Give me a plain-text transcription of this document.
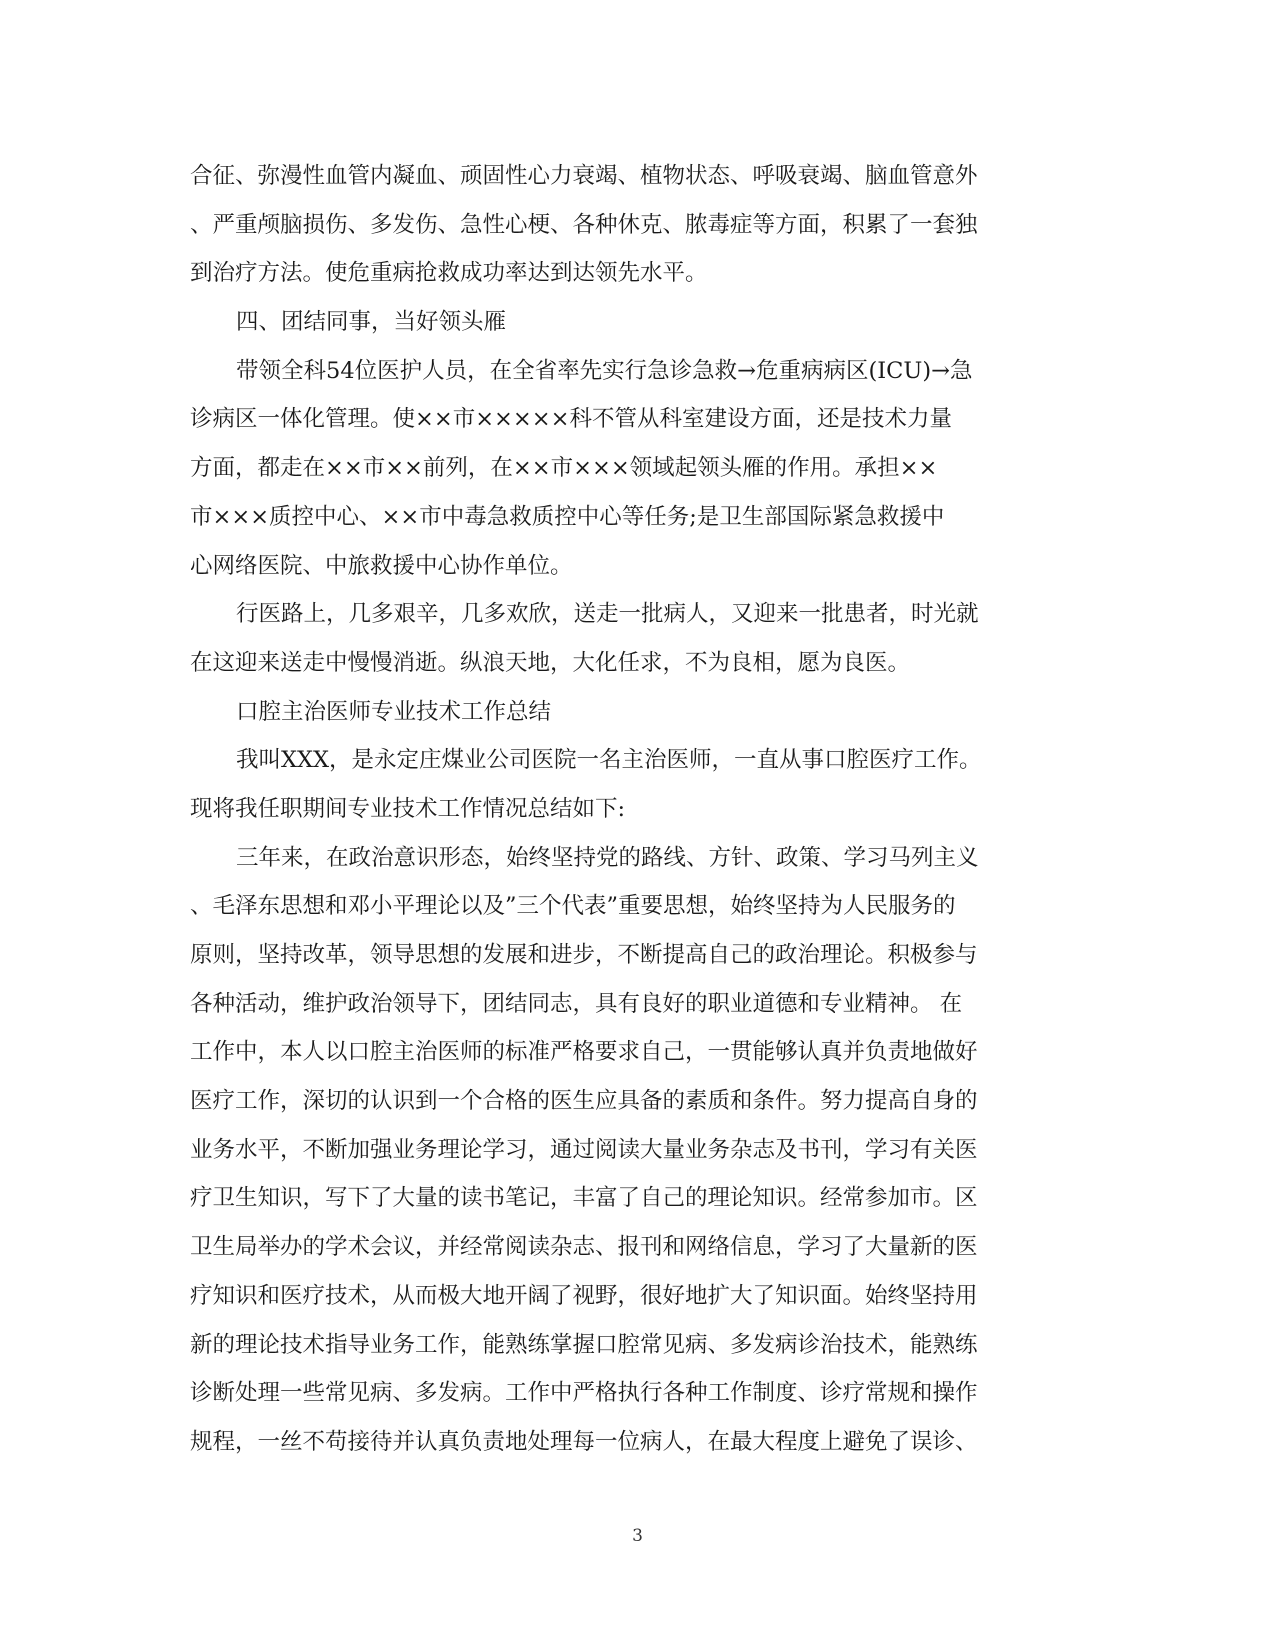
合征、弥漫性血管内凝血、顽固性心力衰竭、植物状态、呼吸衰竭、脑血管意外
、严重颅脑损伤、多发伤、急性心梗、各种休克、脓毒症等方面，积累了一套独
到治疗方法。使危重病抢救成功率达到达领先水平。
四、团结同事，当好领头雁
带领全科54位医护人员，在全省率先实行急诊急救→危重病病区(ICU)→急
诊病区一体化管理。使××市×××××科不管从科室建设方面，还是技术力量
方面，都走在××市××前列，在××市×××领域起领头雁的作用。承担××
市×××质控中心、××市中毒急救质控中心等任务;是卫生部国际紧急救援中
心网络医院、中旅救援中心协作单位。
行医路上，几多艰辛，几多欢欣，送走一批病人，又迎来一批患者，时光就
在这迎来送走中慢慢消逝。纵浪天地，大化任求，不为良相，愿为良医。
口腔主治医师专业技术工作总结
我叫XXX，是永定庄煤业公司医院一名主治医师，一直从事口腔医疗工作。
现将我任职期间专业技术工作情况总结如下:
三年来，在政治意识形态，始终坚持党的路线、方针、政策、学习马列主义
、毛泽东思想和邓小平理论以及”三个代表”重要思想，始终坚持为人民服务的
原则，坚持改革，领导思想的发展和进步，不断提高自己的政治理论。积极参与
各种活动，维护政治领导下，团结同志，具有良好的职业道德和专业精神。 在
工作中，本人以口腔主治医师的标准严格要求自己，一贯能够认真并负责地做好
医疗工作，深切的认识到一个合格的医生应具备的素质和条件。努力提高自身的
业务水平，不断加强业务理论学习，通过阅读大量业务杂志及书刊，学习有关医
疗卫生知识，写下了大量的读书笔记，丰富了自己的理论知识。经常参加市。区
卫生局举办的学术会议，并经常阅读杂志、报刊和网络信息，学习了大量新的医
疗知识和医疗技术，从而极大地开阔了视野，很好地扩大了知识面。始终坚持用
新的理论技术指导业务工作，能熟练掌握口腔常见病、多发病诊治技术，能熟练
诊断处理一些常见病、多发病。工作中严格执行各种工作制度、诊疗常规和操作
规程，一丝不苟接待并认真负责地处理每一位病人，在最大程度上避免了误诊、
3
